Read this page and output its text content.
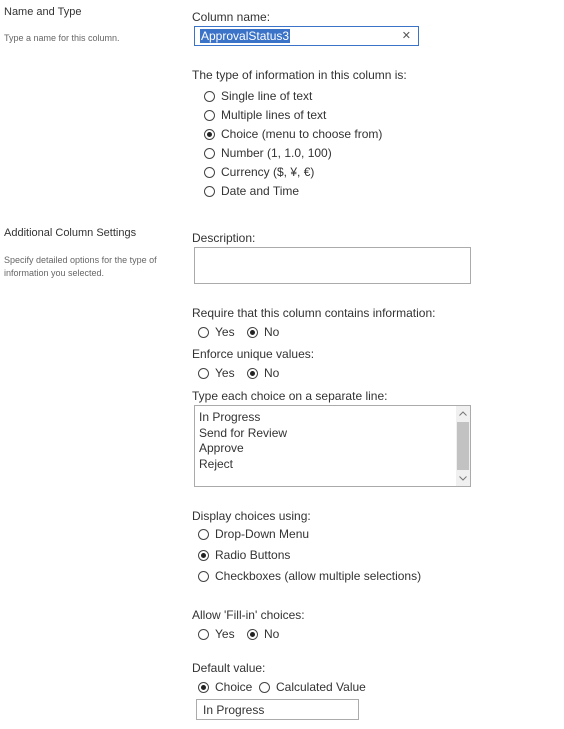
Name and Type
Type a name for this column.
Additional Column Settings
Specify detailed options for the type of
information you selected.
Column name:
ApprovalStatus3	✕
The type of information in this column is:
Single line of text
Multiple lines of text
Choice (menu to choose from)
Number (1, 1.0, 100)
Currency ($, ¥, €)
Date and Time
Description:
Require that this column contains information:
Yes No
Enforce unique values:
Yes No
Type each choice on a separate line:
In Progress
Send for Review
Approve
Reject
Display choices using:
Drop-Down Menu
Radio Buttons
Checkboxes (allow multiple selections)
Allow 'Fill-in' choices:
Yes No
Default value:
Choice Calculated Value
In Progress
